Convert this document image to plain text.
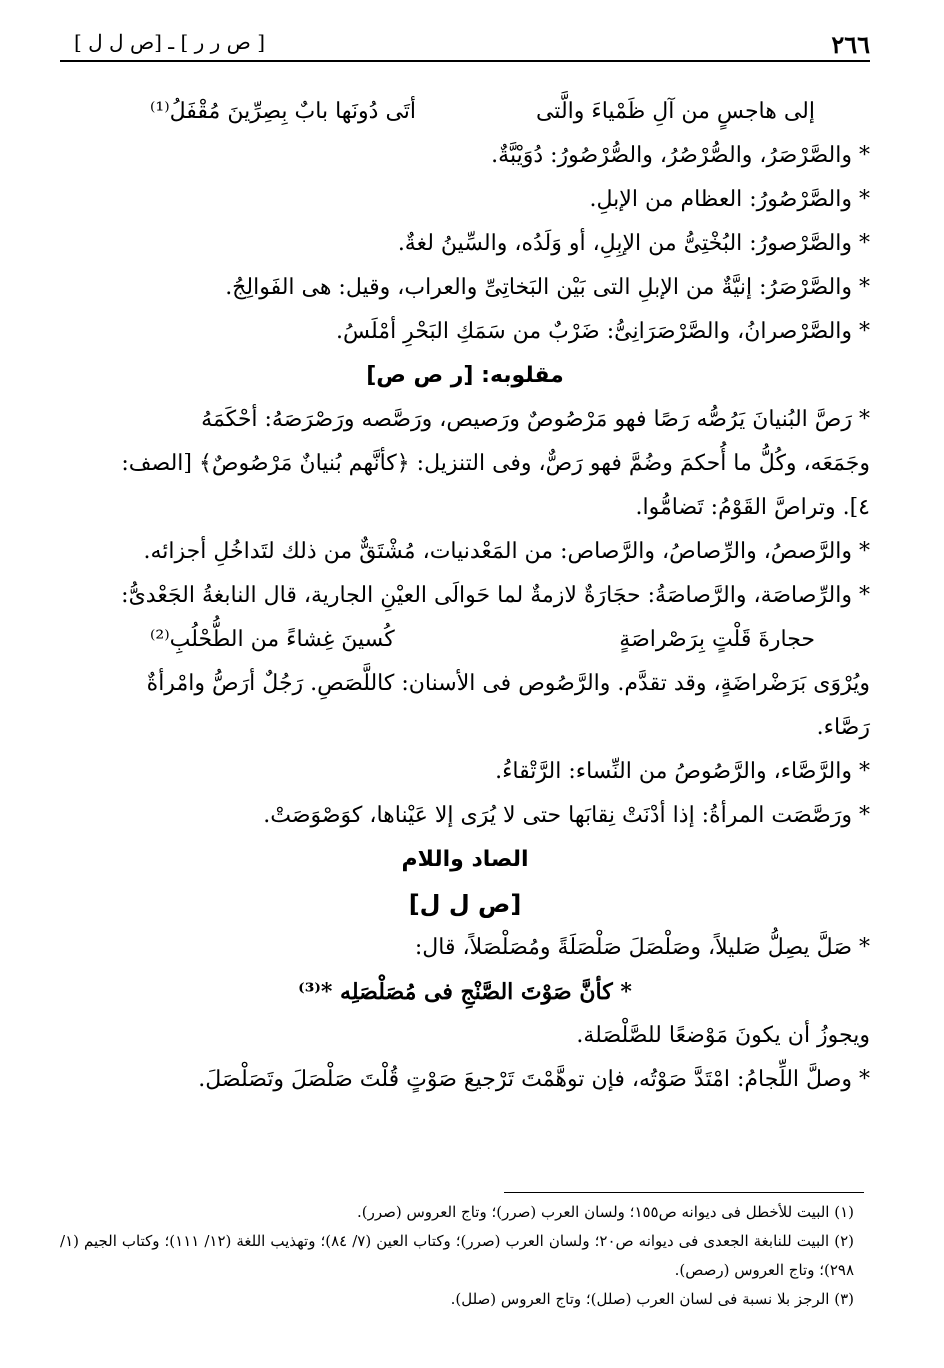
٢٦٦
[ ص ر ر ] ـ [ص ل ل ]
إلى هاجسٍ من آلِ ظَمْياءَ والَّتى
أتَى دُونَها بابٌ بِصِرِّينَ مُقْفَلُ⁽¹⁾
* والصَّرْصَرُ، والصُّرْصُرُ، والصُّرْصُورُ: دُوَيْبَّةٌ.
* والصَّرْصُورُ: العظام من الإبلِ.
* والصَّرْصورُ: البُخْتِىُّ من الإبِلِ، أو وَلَدُه، والسِّينُ لغةٌ.
* والصَّرْصَرُ: إنيَّةٌ من الإبلِ التى بَيْن البَخاتِىِّ والعراب، وقيل: هى الفَوالِجُ.
* والصَّرْصرانُ، والصَّرْصَرَانِىُّ: ضَرْبٌ من سَمَكِ البَحْرِ أمْلَسُ.
مقلوبه: [ر ص ص]
* رَصَّ البُنيانَ يَرُصُّه رَصًا فهو مَرْصُوصٌ ورَصيص، ورَصَّصه ورَصْرَصَهُ: أحْكَمَهُ
وجَمَعَه، وكُلُّ ما أُحكمَ وضُمَّ فهو رَصٌّ، وفى التنزيل: ﴿كأنَّهم بُنيانٌ مَرْصُوصٌ﴾ [الصف:
٤]. وتراصَّ القَوْمُ: تَضامُّوا.
* والرَّصصُ، والرِّصاصُ، والرَّصاص: من المَعْدنيات، مُشْتَقٌّ من ذلك لتَداخُلِ أجزائه.
* والرِّصاصَة، والرَّصاصَةُ: حجَارَةٌ لازمةٌ لما حَوالَى العيْنِ الجارية، قال النابغةُ الجَعْدىُّ:
حجارةَ قَلْتٍ بِرَصْراصَةٍ
كُسينَ غِشاءً من الطُّحْلُبِ⁽²⁾
ويُرْوَى بَرَضْراضَةٍ، وقد تقدَّم. والرَّصُوص فى الأسنان: كاللَّصَصِ. رَجُلٌ أرَصُّ وامْرأةٌ
رَصَّاء.
* والرَّصَّاء، والرَّصُوصُ من النِّساء: الرَّتْقاءُ.
* ورَصَّصَت المرأةُ: إذا أدْنَتْ نِقابَها حتى لا يُرَى إلا عَيْناها، كوَصْوَصَتْ.
الصاد واللام
[ص ل ل]
* صَلَّ يصِلُّ صَليلاً، وصَلْصَلَ صَلْصَلَةً ومُصَلْصَلاً، قال:
* كأنَّ صَوْتَ الصَّنْجِ فى مُصَلْصَلِه *⁽³⁾
ويجوزُ أن يكونَ مَوْضعًا للصَّلْصَلة.
* وصلَّ اللِّجامُ: امْتَدَّ صَوْتُه، فإن توهَّمْتَ تَرْجيعَ صَوْتٍ قُلْتَ صَلْصَلَ وتَصَلْصَلَ.
(١) البيت للأخطل فى ديوانه ص١٥٥؛ ولسان العرب (صرر)؛ وتاج العروس (صرر).
(٢) البيت للنابغة الجعدى فى ديوانه ص٢٠؛ ولسان العرب (صرر)؛ وكتاب العين (٧/ ٨٤)؛ وتهذيب اللغة (١٢/ ١١١)؛ وكتاب الجيم (١/ ٢٩٨)؛ وتاج العروس (رصص).
(٣) الرجز بلا نسبة فى لسان العرب (صلل)؛ وتاج العروس (صلل).
